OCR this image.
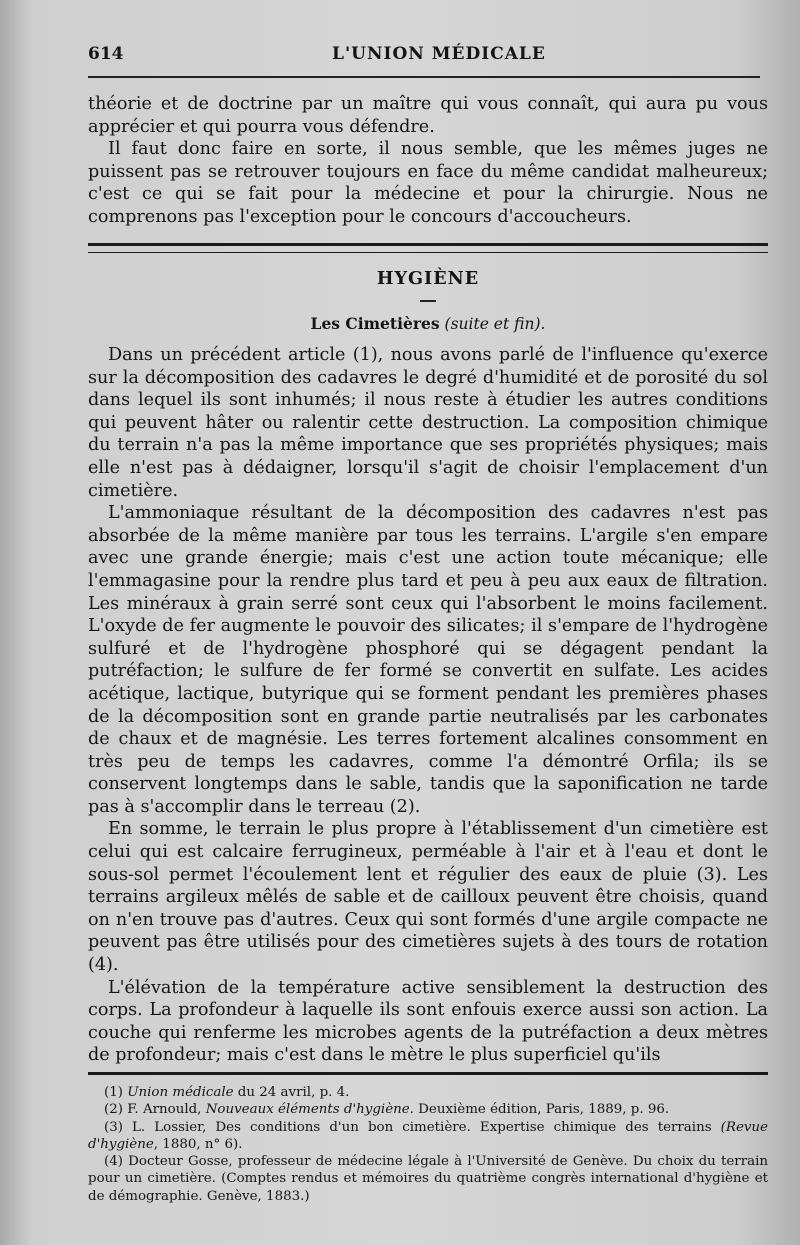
614	L'UNION MÉDICALE

théorie et de doctrine par un maître qui vous connaît, qui aura pu vous apprécier et qui pourra vous défendre.

Il faut donc faire en sorte, il nous semble, que les mêmes juges ne puissent pas se retrouver toujours en face du même candidat malheureux; c'est ce qui se fait pour la médecine et pour la chirurgie. Nous ne comprenons pas l'exception pour le concours d'accoucheurs.

HYGIÈNE
Les Cimetières (suite et fin).

Dans un précédent article (1), nous avons parlé de l'influence qu'exerce sur la décomposition des cadavres le degré d'humidité et de porosité du sol dans lequel ils sont inhumés; il nous reste à étudier les autres conditions qui peuvent hâter ou ralentir cette destruction. La composition chimique du terrain n'a pas la même importance que ses propriétés physiques; mais elle n'est pas à dédaigner, lorsqu'il s'agit de choisir l'emplacement d'un cimetière.

L'ammoniaque résultant de la décomposition des cadavres n'est pas absorbée de la même manière par tous les terrains. L'argile s'en empare avec une grande énergie; mais c'est une action toute mécanique; elle l'emmagasine pour la rendre plus tard et peu à peu aux eaux de filtration. Les minéraux à grain serré sont ceux qui l'absorbent le moins facilement. L'oxyde de fer augmente le pouvoir des silicates; il s'empare de l'hydrogène sulfuré et de l'hydrogène phosphoré qui se dégagent pendant la putréfaction; le sulfure de fer formé se convertit en sulfate. Les acides acétique, lactique, butyrique qui se forment pendant les premières phases de la décomposition sont en grande partie neutralisés par les carbonates de chaux et de magnésie. Les terres fortement alcalines consomment en très peu de temps les cadavres, comme l'a démontré Orfila; ils se conservent longtemps dans le sable, tandis que la saponification ne tarde pas à s'accomplir dans le terreau (2).

En somme, le terrain le plus propre à l'établissement d'un cimetière est celui qui est calcaire ferrugineux, perméable à l'air et à l'eau et dont le sous-sol permet l'écoulement lent et régulier des eaux de pluie (3). Les terrains argileux mêlés de sable et de cailloux peuvent être choisis, quand on n'en trouve pas d'autres. Ceux qui sont formés d'une argile compacte ne peuvent pas être utilisés pour des cimetières sujets à des tours de rotation (4).

L'élévation de la température active sensiblement la destruction des corps. La profondeur à laquelle ils sont enfouis exerce aussi son action. La couche qui renferme les microbes agents de la putréfaction a deux mètres de profondeur; mais c'est dans le mètre le plus superficiel qu'ils

(1) Union médicale du 24 avril, p. 4.

(2) F. Arnould, Nouveaux éléments d'hygiène. Deuxième édition, Paris, 1889, p. 96.

(3) L. Lossier, Des conditions d'un bon cimetière. Expertise chimique des terrains (Revue d'hygiène, 1880, n° 6).

(4) Docteur Gosse, professeur de médecine légale à l'Université de Genève. Du choix du terrain pour un cimetière. (Comptes rendus et mémoires du quatrième congrès international d'hygiène et de démographie. Genève, 1883.)
